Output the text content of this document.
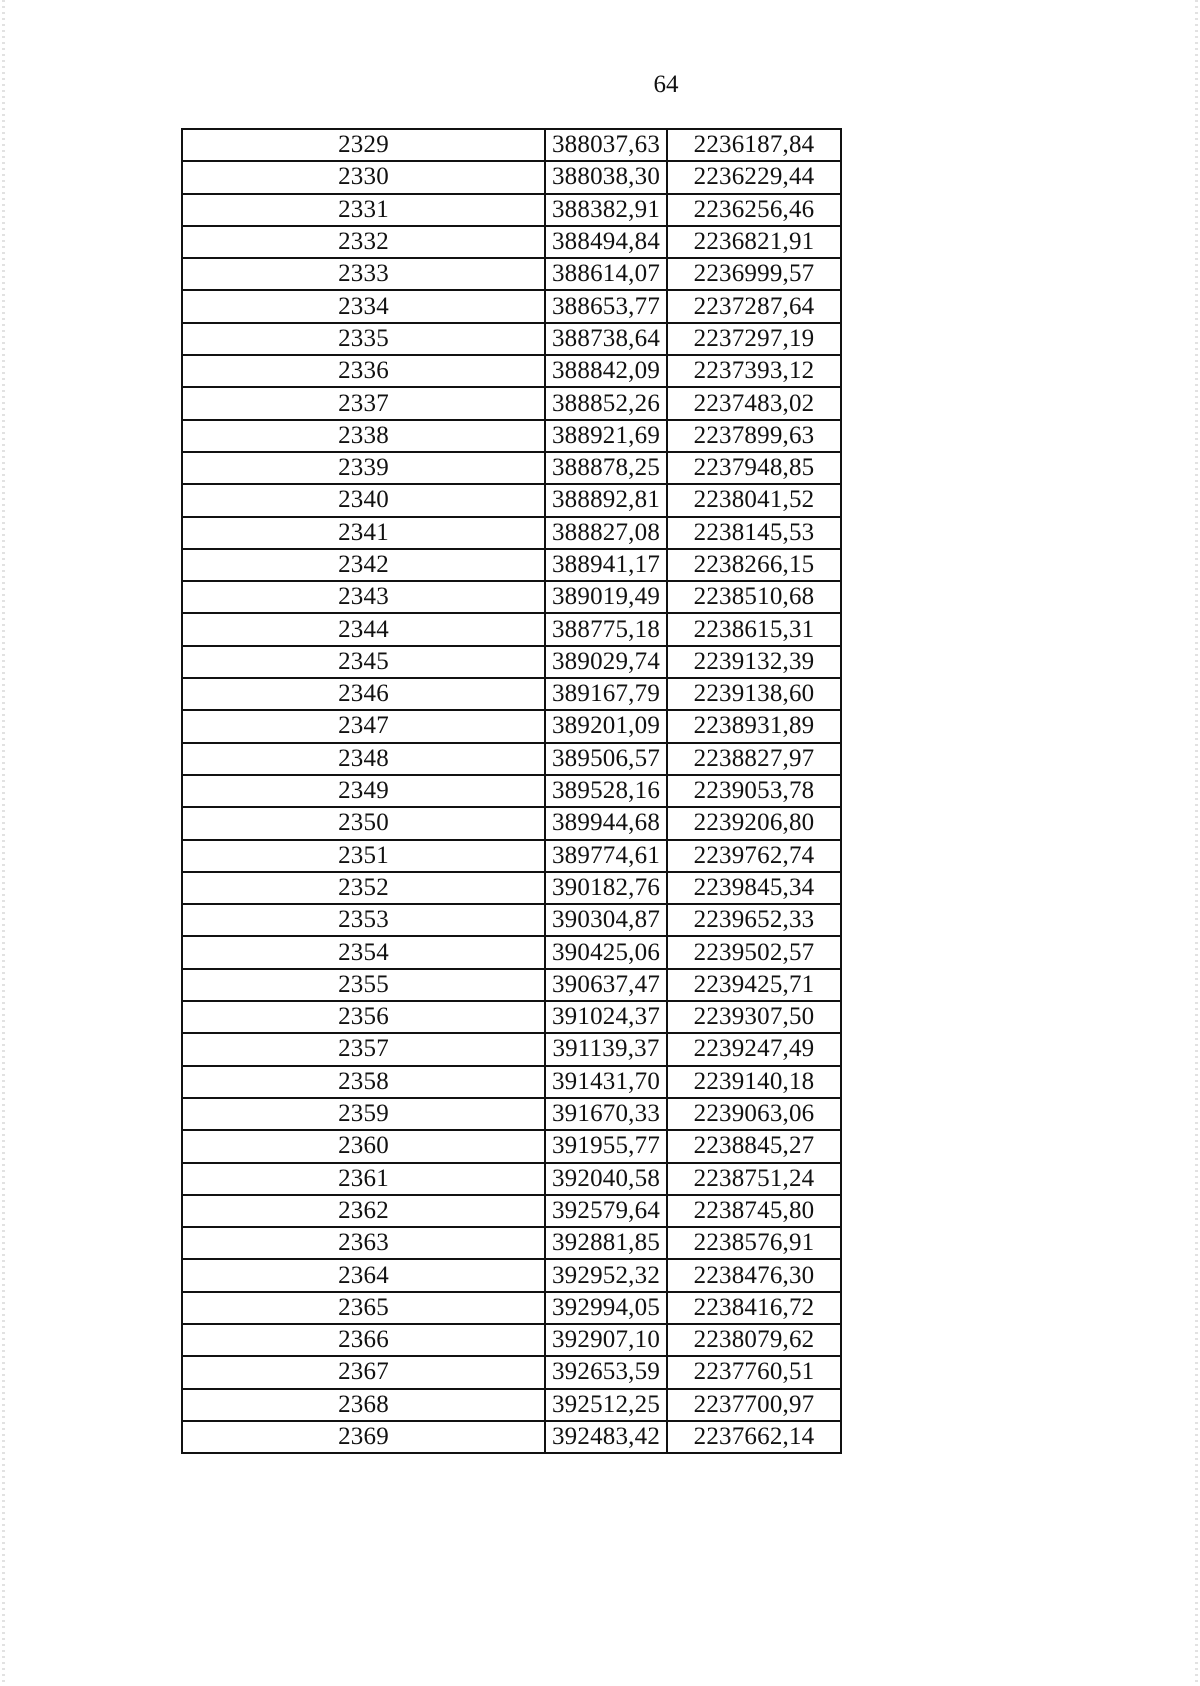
64
2329	388037,63	2236187,84
2330	388038,30	2236229,44
2331	388382,91	2236256,46
2332	388494,84	2236821,91
2333	388614,07	2236999,57
2334	388653,77	2237287,64
2335	388738,64	2237297,19
2336	388842,09	2237393,12
2337	388852,26	2237483,02
2338	388921,69	2237899,63
2339	388878,25	2237948,85
2340	388892,81	2238041,52
2341	388827,08	2238145,53
2342	388941,17	2238266,15
2343	389019,49	2238510,68
2344	388775,18	2238615,31
2345	389029,74	2239132,39
2346	389167,79	2239138,60
2347	389201,09	2238931,89
2348	389506,57	2238827,97
2349	389528,16	2239053,78
2350	389944,68	2239206,80
2351	389774,61	2239762,74
2352	390182,76	2239845,34
2353	390304,87	2239652,33
2354	390425,06	2239502,57
2355	390637,47	2239425,71
2356	391024,37	2239307,50
2357	391139,37	2239247,49
2358	391431,70	2239140,18
2359	391670,33	2239063,06
2360	391955,77	2238845,27
2361	392040,58	2238751,24
2362	392579,64	2238745,80
2363	392881,85	2238576,91
2364	392952,32	2238476,30
2365	392994,05	2238416,72
2366	392907,10	2238079,62
2367	392653,59	2237760,51
2368	392512,25	2237700,97
2369	392483,42	2237662,14
